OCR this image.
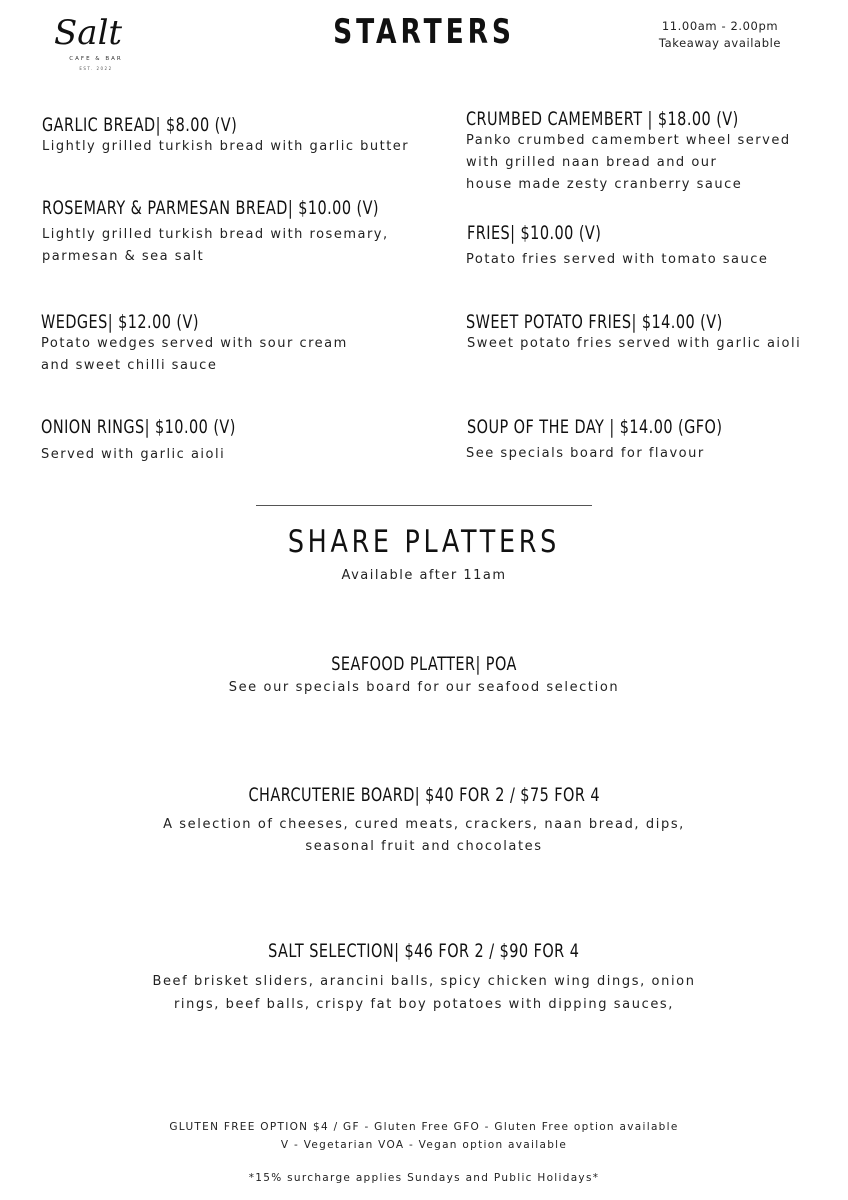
Salt
CAFE & BAR
EST. 2022
STARTERS	11.00am - 2.00pm
Takeaway available
GARLIC BREAD| $8.00 (V)
Lightly grilled turkish bread with garlic butter
ROSEMARY & PARMESAN BREAD| $10.00 (V)
Lightly grilled turkish bread with rosemary,
parmesan & sea salt
WEDGES| $12.00 (V)
Potato wedges served with sour cream
and sweet chilli sauce
ONION RINGS| $10.00 (V)
Served with garlic aioli
CRUMBED CAMEMBERT | $18.00 (V)
Panko crumbed camembert wheel served
with grilled naan bread and our
house made zesty cranberry sauce
FRIES| $10.00 (V)
Potato fries served with tomato sauce
SWEET POTATO FRIES| $14.00 (V)
Sweet potato fries served with garlic aioli
SOUP OF THE DAY | $14.00 (GFO)
See specials board for flavour
SHARE PLATTERS
Available after 11am
SEAFOOD PLATTER| POA
See our specials board for our seafood selection
CHARCUTERIE BOARD| $40 FOR 2 / $75 FOR 4
A selection of cheeses, cured meats, crackers, naan bread, dips,
seasonal fruit and chocolates
SALT SELECTION| $46 FOR 2 / $90 FOR 4
Beef brisket sliders, arancini balls, spicy chicken wing dings, onion
rings, beef balls, crispy fat boy potatoes with dipping sauces,
GLUTEN FREE OPTION $4 / GF - Gluten Free GFO - Gluten Free option available
V - Vegetarian VOA - Vegan option available
*15% surcharge applies Sundays and Public Holidays*
